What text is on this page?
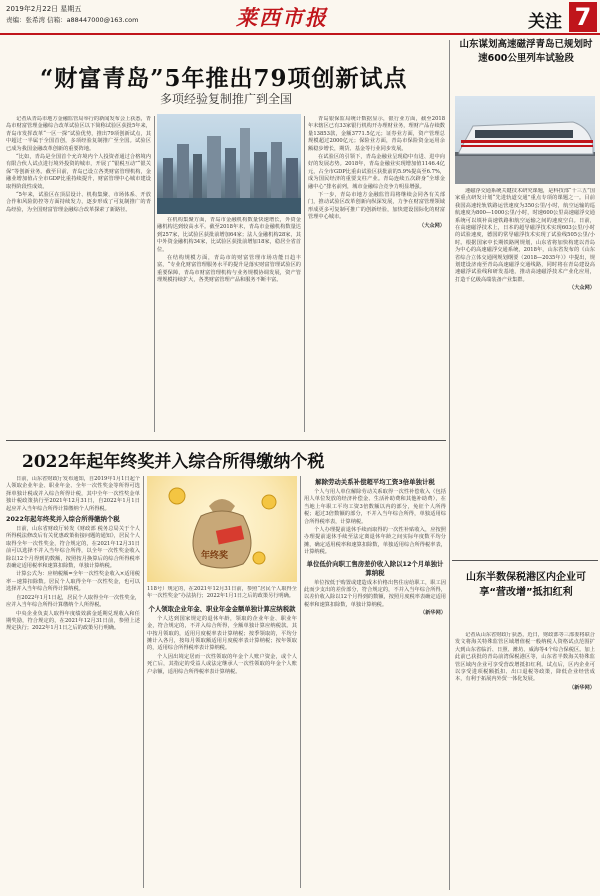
2019年2月22日 星期五
责编：张希湾 信箱：a88447000@163.com	莱西市报	关注 7
“财富青岛”5年推出79项创新试点
多项经验复制推广到全国

记者从青岛市地方金融监管局举行的新闻发布会上获悉，青岛市财富管理金融综合改革试验区以下简称试验区获批5年来，青岛市发挥改革“一区一探”试验优势，推出79项创新试点，其中超过一半属于全国首创，多项经验复制推广至全国。试验区已成为我国金融改革创新的重要阵地。

“比如，青岛是全国首个允许境内个人投资者通过合格境内有限合伙人试点进行境外投资的城市，开展了“银税互动”“银关保”等创新业务。截至目前，青岛已设立各类财富管理机构，金融业增加值占全市GDP比重持续提升，财富管理中心城市建设取得阶段性成效。

“5年来，试验区在顶层设计、机构集聚、市场体系、开放合作和风险防控等方面持续发力，逐步形成了可复制推广的青岛经验，为全国财富管理金融综合改革探索了新路径。

在机构集聚方面，青岛市金融机构数量快速增长，外资金融机构达到较高水平。截至2018年末，青岛市金融机构数量达到257家，比试验区获批前增加64家；法人金融机构28家，其中外资金融机构34家，比试验区获批前增加18家，稳居全省首位。

在结构规模方面，青岛市的财富管理市场功能日趋丰富，“专业化财富管理服务水平的提升是落实财富管理试验区的重要保障，青岛市财富管理机构与业务规模协调发展，资产管理规模持续扩大，各类财富管理产品和服务不断丰富。

青岛银保监局统计数据显示，银行业方面，截至2018年末辖区已有33家银行机构开办理财业务，理财产品存续数量13853款，金额3771.5亿元；证券业方面，资产管理总规模超过2000亿元；保险业方面，青岛市保险资金运用余额稳步增长，期货、基金等行业同步发展。

在试验区的引领下，青岛金融业呈现稳中有进、进中向好的发展态势。2018年，青岛金融业实现增加值1146.4亿元，占全市GDP比重由试验区获批前的5.9%提高至6.7%，成为国民经济的重要支柱产业。青岛连续五次跻身“全球金融中心”排名前列，城市金融综合竞争力明显增强。

下一步，青岛市地方金融监管局将继续会同各有关部门，推动试验区改革创新向纵深发展，力争在财富管理领域形成更多可复制可推广的创新经验，加快建设国际化的财富管理中心城市。

（大众网）

山东谋划高速磁浮青岛已规划时速600公里列车试验段

速磁浮交通系统关键技术研究课题，是科技部“十三五”国家重点研发计划“先进轨道交通”重点专项的课题之一。目前我国高速轮轨铁路运营速度为350公里/小时，航空运输的巡航速度为800—1000公里/小时，时速600公里高速磁浮交通系统可以填补高速铁路和航空运输之间的速度空白。日前，在高速磁浮技术上，日本的超导磁浮技术实现603公里/小时的试验速度，德国的常导磁浮技术实现了试验线505公里/小时。根据国家中长期铁路网规划，山东省将加快构建以青岛为中心的高速磁浮交通系统，2018年，山东省发布的《山东省综合立体交通网规划纲要（2018—2035年）》中提出，规划建设济南至青岛高速磁浮交通线路，同时将在青岛建设高速磁浮试验线和研发基地，推动高速磁浮技术产业化应用，打造千亿级高端装备产业集群。

（大众网）

山东半数保税港区内企业可享“营改增”抵扣红利

记者从山东省财政厅获悉，近日，财政部等三部委将联合发文将海关特殊监管区域增值税一般纳税人资格试点范围扩大到山东省临沂、日照、潍坊、威海等4个综合保税区。加上此前已获批的青岛前湾保税港区等，山东省半数海关特殊监管区域内企业可享受营改增抵扣红利。试点后，区内企业可以享受进项税额抵扣、出口退税等政策，降低企业经营成本，有利于拓展内外贸一体化发展。

（新华网）

2022年起年终奖并入综合所得缴纳个税

日前，山东省财政厅发布通知，自2019年1月1日起个人领取企业年金、职业年金、全年一次性奖金等所得可选择单独计税或并入综合所得计税，其中全年一次性奖金单独计税政策执行至2021年12月31日，自2022年1月1日起应并入当年综合所得计算缴纳个人所得税。

2022年起年终奖并入综合所得缴纳个税

日前，山东省财政厅转发《财政部 税务总局关于个人所得税法修改后有关优惠政策衔接问题的通知》，居民个人取得全年一次性奖金，符合规定的，在2021年12月31日前可以选择不并入当年综合所得，以全年一次性奖金收入除以12个月得到的数额，按照按月换算后的综合所得税率表确定适用税率和速算扣除数，单独计算纳税。

计算公式为：应纳税额=全年一次性奖金收入×适用税率－速算扣除数。居民个人取得全年一次性奖金，也可以选择并入当年综合所得计算纳税。

自2022年1月1日起，居民个人取得全年一次性奖金，应并入当年综合所得计算缴纳个人所得税。

中央企业负责人取得年度绩效薪金延期兑现收入和任期奖励，符合规定的，在2021年12月31日前，参照上述规定执行；2022年1月1日之后的政策另行明确。

年终奖

118号）规定的，在2021年12月31日前，参照“居民个人取得全年一次性奖金”办法执行；2022年1月1日之后的政策另行明确。

个人领取企业年金、职业年金金额单独计算应纳税款

个人达到国家规定的退休年龄，领取的企业年金、职业年金，符合规定的，不并入综合所得，全额单独计算应纳税款。其中按月领取的，适用月度税率表计算纳税；按季领取的，平均分摊计入各月，按每月领取额适用月度税率表计算纳税；按年领取的，适用综合所得税率表计算纳税。

个人因出境定居而一次性领取的年金个人账户资金，或个人死亡后，其指定的受益人或法定继承人一次性领取的年金个人账户余额，适用综合所得税率表计算纳税。

解除劳动关系补偿超平均工资3倍单独计税

个人与用人单位解除劳动关系取得一次性补偿收入（包括用人单位发放的经济补偿金、生活补助费和其他补助费），在当地上年职工平均工资3倍数额以内的部分，免征个人所得税；超过3倍数额的部分，不并入当年综合所得，单独适用综合所得税率表，计算纳税。

个人办理提前退休手续而取得的一次性补贴收入，应按照办理提前退休手续至法定离退休年龄之间实际年度数平均分摊，确定适用税率和速算扣除数，单独适用综合所得税率表，计算纳税。

单位低价向职工售房差价收入除以12个月单独计算纳税

单位按低于购置或建造成本价格出售住房给职工，职工因此而少支出的差价部分，符合规定的，不并入当年综合所得，以差价收入除以12个月得到的数额，按照月度税率表确定适用税率和速算扣除数，单独计算纳税。

（新华网）
